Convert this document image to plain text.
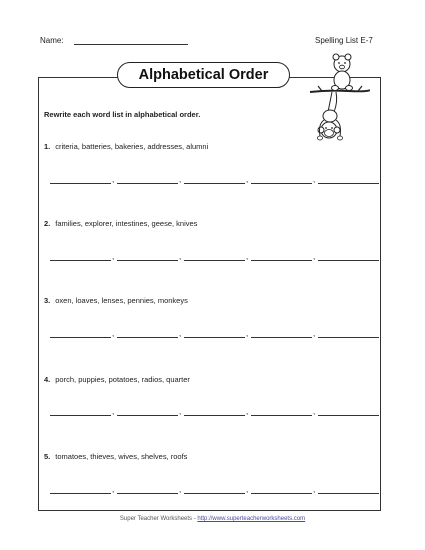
Name:	Spelling List E-7
Alphabetical Order
Rewrite each word list in alphabetical order.
1. criteria, batteries, bakeries, addresses, alumni
,	,	,	,
2. families, explorer, intestines, geese, knives
,	,	,	,
3. oxen, loaves, lenses, pennies, monkeys
,	,	,	,
4. porch, puppies, potatoes, radios, quarter
,	,	,	,
5. tomatoes, thieves, wives, shelves, roofs
,	,	,	,
Super Teacher Worksheets - http://www.superteacherworksheets.com
